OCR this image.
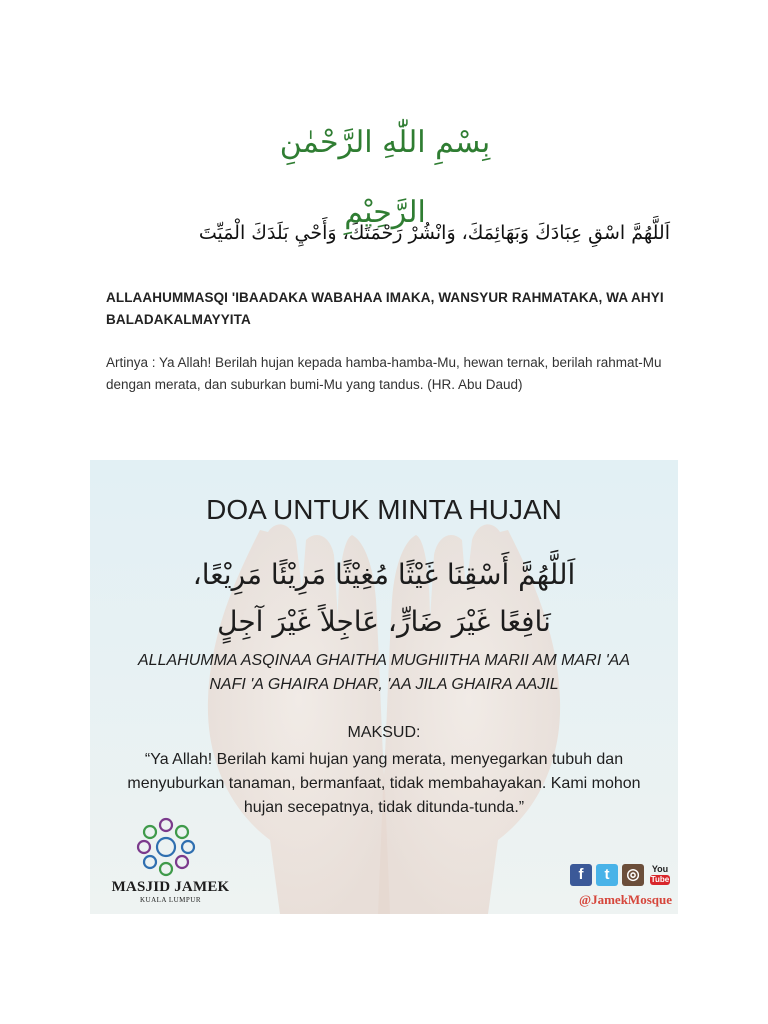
بِسْمِ اللّٰهِ الرَّحْمٰنِ الرَّحِيْمِ
اَللَّهُمَّ اسْقِ عِبَادَكَ وَبَهَائِمَكَ، وَانْشُرْ رَحْمَتَكَ، وَأَحْيِ بَلَدَكَ الْمَيِّتَ
ALLAAHUMMASQI 'IBAADAKA WABAHAA IMAKA, WANSYUR RAHMATAKA, WA AHYI BALADAKALMAYYITA
Artinya : Ya Allah! Berilah hujan kepada hamba-hamba-Mu, hewan ternak, berilah rahmat-Mu dengan merata, dan suburkan bumi-Mu yang tandus. (HR. Abu Daud)
DOA UNTUK MINTA HUJAN
اَللَّهُمَّ أَسْقِنَا غَيْثًا مُغِيْثًا مَرِيْئًا مَرِيْعًا،
نَافِعًا غَيْرَ ضَارٍّ، عَاجِلاً غَيْرَ آجِلٍ
ALLAHUMMA ASQINAA GHAITHA MUGHIITHA MARII AM MARI 'AA
NAFI 'A GHAIRA DHAR, 'AA JILA GHAIRA AAJIL
MAKSUD:
“Ya Allah! Berilah kami hujan yang merata, menyegarkan tubuh dan menyuburkan tanaman, bermanfaat, tidak membahayakan. Kami mohon hujan secepatnya, tidak ditunda-tunda.”
MASJID JAMEK
KUALA LUMPUR
f	t	◎	You
Tube
@JamekMosque
